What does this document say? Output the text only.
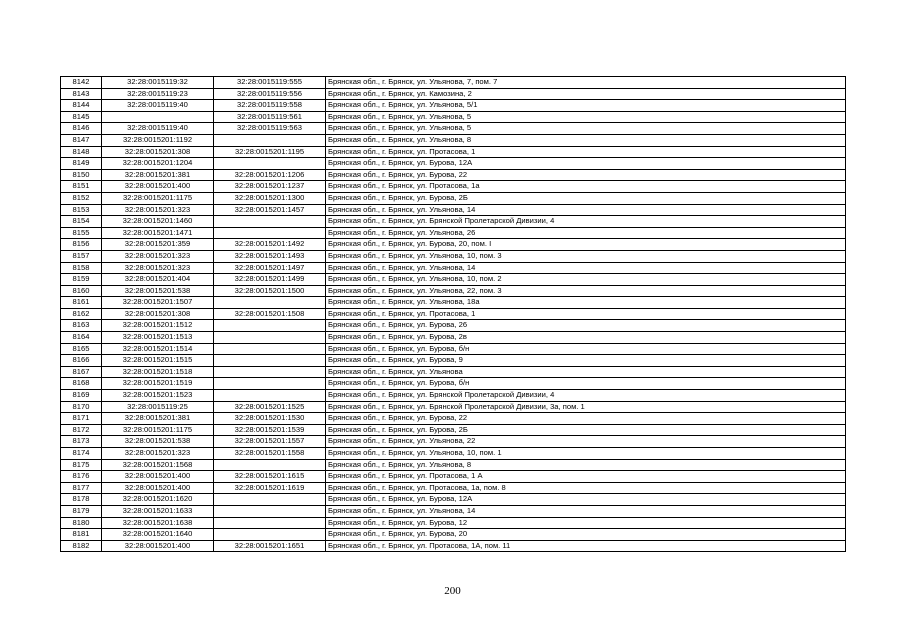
8142	32:28:0015119:32	32:28:0015119:555	Брянская обл., г. Брянск, ул. Ульянова, 7, пом. 7
8143	32:28:0015119:23	32:28:0015119:556	Брянская обл., г. Брянск, ул. Камозина, 2
8144	32:28:0015119:40	32:28:0015119:558	Брянская обл., г. Брянск, ул. Ульянова, 5/1
8145		32:28:0015119:561	Брянская обл., г. Брянск, ул. Ульянова, 5
8146	32:28:0015119:40	32:28:0015119:563	Брянская обл., г. Брянск, ул. Ульянова, 5
8147	32:28:0015201:1192		Брянская обл., г. Брянск, ул. Ульянова, 8
8148	32:28:0015201:308	32:28:0015201:1195	Брянская обл., г. Брянск, ул. Протасова, 1
8149	32:28:0015201:1204		Брянская обл., г. Брянск, ул. Бурова, 12А
8150	32:28:0015201:381	32:28:0015201:1206	Брянская обл., г. Брянск, ул. Бурова, 22
8151	32:28:0015201:400	32:28:0015201:1237	Брянская обл., г. Брянск, ул. Протасова, 1а
8152	32:28:0015201:1175	32:28:0015201:1300	Брянская обл., г. Брянск, ул. Бурова, 2Б
8153	32:28:0015201:323	32:28:0015201:1457	Брянская обл., г. Брянск, ул. Ульянова, 14
8154	32:28:0015201:1460		Брянская обл., г. Брянск, ул. Брянской Пролетарской Дивизии, 4
8155	32:28:0015201:1471		Брянская обл., г. Брянск, ул. Ульянова, 26
8156	32:28:0015201:359	32:28:0015201:1492	Брянская обл., г. Брянск, ул. Бурова, 20, пом. I
8157	32:28:0015201:323	32:28:0015201:1493	Брянская обл., г. Брянск, ул. Ульянова, 10, пом. 3
8158	32:28:0015201:323	32:28:0015201:1497	Брянская обл., г. Брянск, ул. Ульянова, 14
8159	32:28:0015201:404	32:28:0015201:1499	Брянская обл., г. Брянск, ул. Ульянова, 10, пом. 2
8160	32:28:0015201:538	32:28:0015201:1500	Брянская обл., г. Брянск, ул. Ульянова, 22, пом. 3
8161	32:28:0015201:1507		Брянская обл., г. Брянск, ул. Ульянова, 18а
8162	32:28:0015201:308	32:28:0015201:1508	Брянская обл., г. Брянск, ул. Протасова, 1
8163	32:28:0015201:1512		Брянская обл., г. Брянск, ул. Бурова, 26
8164	32:28:0015201:1513		Брянская обл., г. Брянск, ул. Бурова, 2в
8165	32:28:0015201:1514		Брянская обл., г. Брянск, ул. Бурова, б/н
8166	32:28:0015201:1515		Брянская обл., г. Брянск, ул. Бурова, 9
8167	32:28:0015201:1518		Брянская обл., г. Брянск, ул. Ульянова
8168	32:28:0015201:1519		Брянская обл., г. Брянск, ул. Бурова, б/н
8169	32:28:0015201:1523		Брянская обл., г. Брянск, ул. Брянской Пролетарской Дивизии, 4
8170	32:28:0015119:25	32:28:0015201:1525	Брянская обл., г. Брянск, ул. Брянской Пролетарской Дивизии, 3а, пом. 1
8171	32:28:0015201:381	32:28:0015201:1530	Брянская обл., г. Брянск, ул. Бурова, 22
8172	32:28:0015201:1175	32:28:0015201:1539	Брянская обл., г. Брянск, ул. Бурова, 2Б
8173	32:28:0015201:538	32:28:0015201:1557	Брянская обл., г. Брянск, ул. Ульянова, 22
8174	32:28:0015201:323	32:28:0015201:1558	Брянская обл., г. Брянск, ул. Ульянова, 10, пом. 1
8175	32:28:0015201:1568		Брянская обл., г. Брянск, ул. Ульянова, 8
8176	32:28:0015201:400	32:28:0015201:1615	Брянская обл., г. Брянск, ул. Протасова, 1 А
8177	32:28:0015201:400	32:28:0015201:1619	Брянская обл., г. Брянск, ул. Протасова, 1а, пом. 8
8178	32:28:0015201:1620		Брянская обл., г. Брянск, ул. Бурова, 12А
8179	32:28:0015201:1633		Брянская обл., г. Брянск, ул. Ульянова, 14
8180	32:28:0015201:1638		Брянская обл., г. Брянск, ул. Бурова, 12
8181	32:28:0015201:1640		Брянская обл., г. Брянск, ул. Бурова, 20
8182	32:28:0015201:400	32:28:0015201:1651	Брянская обл., г. Брянск, ул. Протасова, 1А, пом. 11
200
